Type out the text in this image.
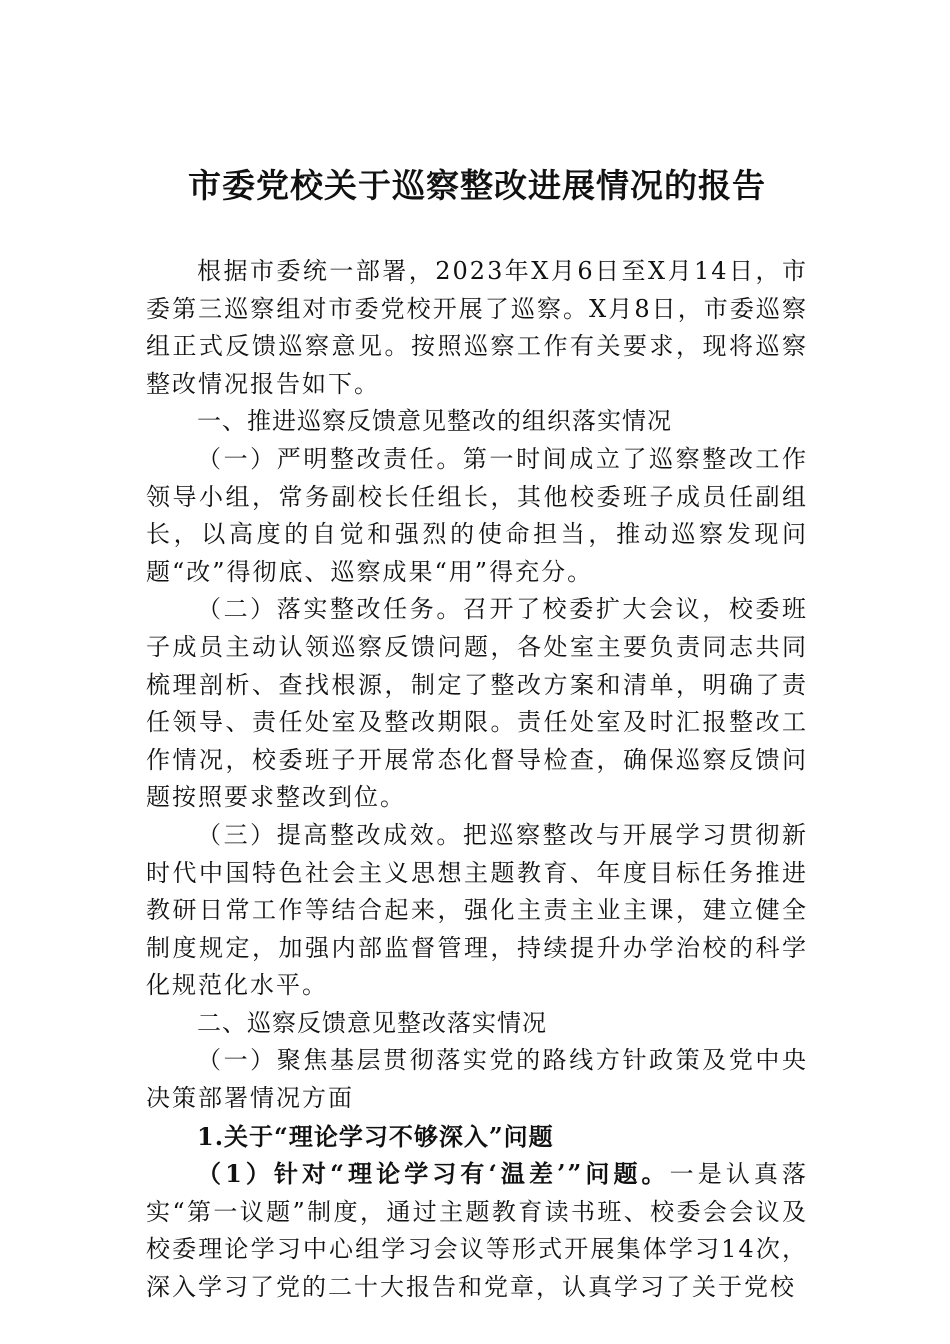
市委党校关于巡察整改进展情况的报告

根据市委统一部署，2023年X月6日至X月14日，市委第三巡察组对市委党校开展了巡察。X月8日，市委巡察组正式反馈巡察意见。按照巡察工作有关要求，现将巡察整改情况报告如下。

一、推进巡察反馈意见整改的组织落实情况

（一）严明整改责任。第一时间成立了巡察整改工作领导小组，常务副校长任组长，其他校委班子成员任副组长，以高度的自觉和强烈的使命担当，推动巡察发现问题“改”得彻底、巡察成果“用”得充分。

（二）落实整改任务。召开了校委扩大会议，校委班子成员主动认领巡察反馈问题，各处室主要负责同志共同梳理剖析、查找根源，制定了整改方案和清单，明确了责任领导、责任处室及整改期限。责任处室及时汇报整改工作情况，校委班子开展常态化督导检查，确保巡察反馈问题按照要求整改到位。

（三）提高整改成效。把巡察整改与开展学习贯彻新时代中国特色社会主义思想主题教育、年度目标任务推进教研日常工作等结合起来，强化主责主业主课，建立健全制度规定，加强内部监督管理，持续提升办学治校的科学化规范化水平。

二、巡察反馈意见整改落实情况

（一）聚焦基层贯彻落实党的路线方针政策及党中央决策部署情况方面

1.关于“理论学习不够深入”问题

（1）针对“理论学习有‘温差’”问题。一是认真落实“第一议题”制度，通过主题教育读书班、校委会会议及校委理论学习中心组学习会议等形式开展集体学习14次，深入学习了党的二十大报告和党章，认真学习了关于党校
